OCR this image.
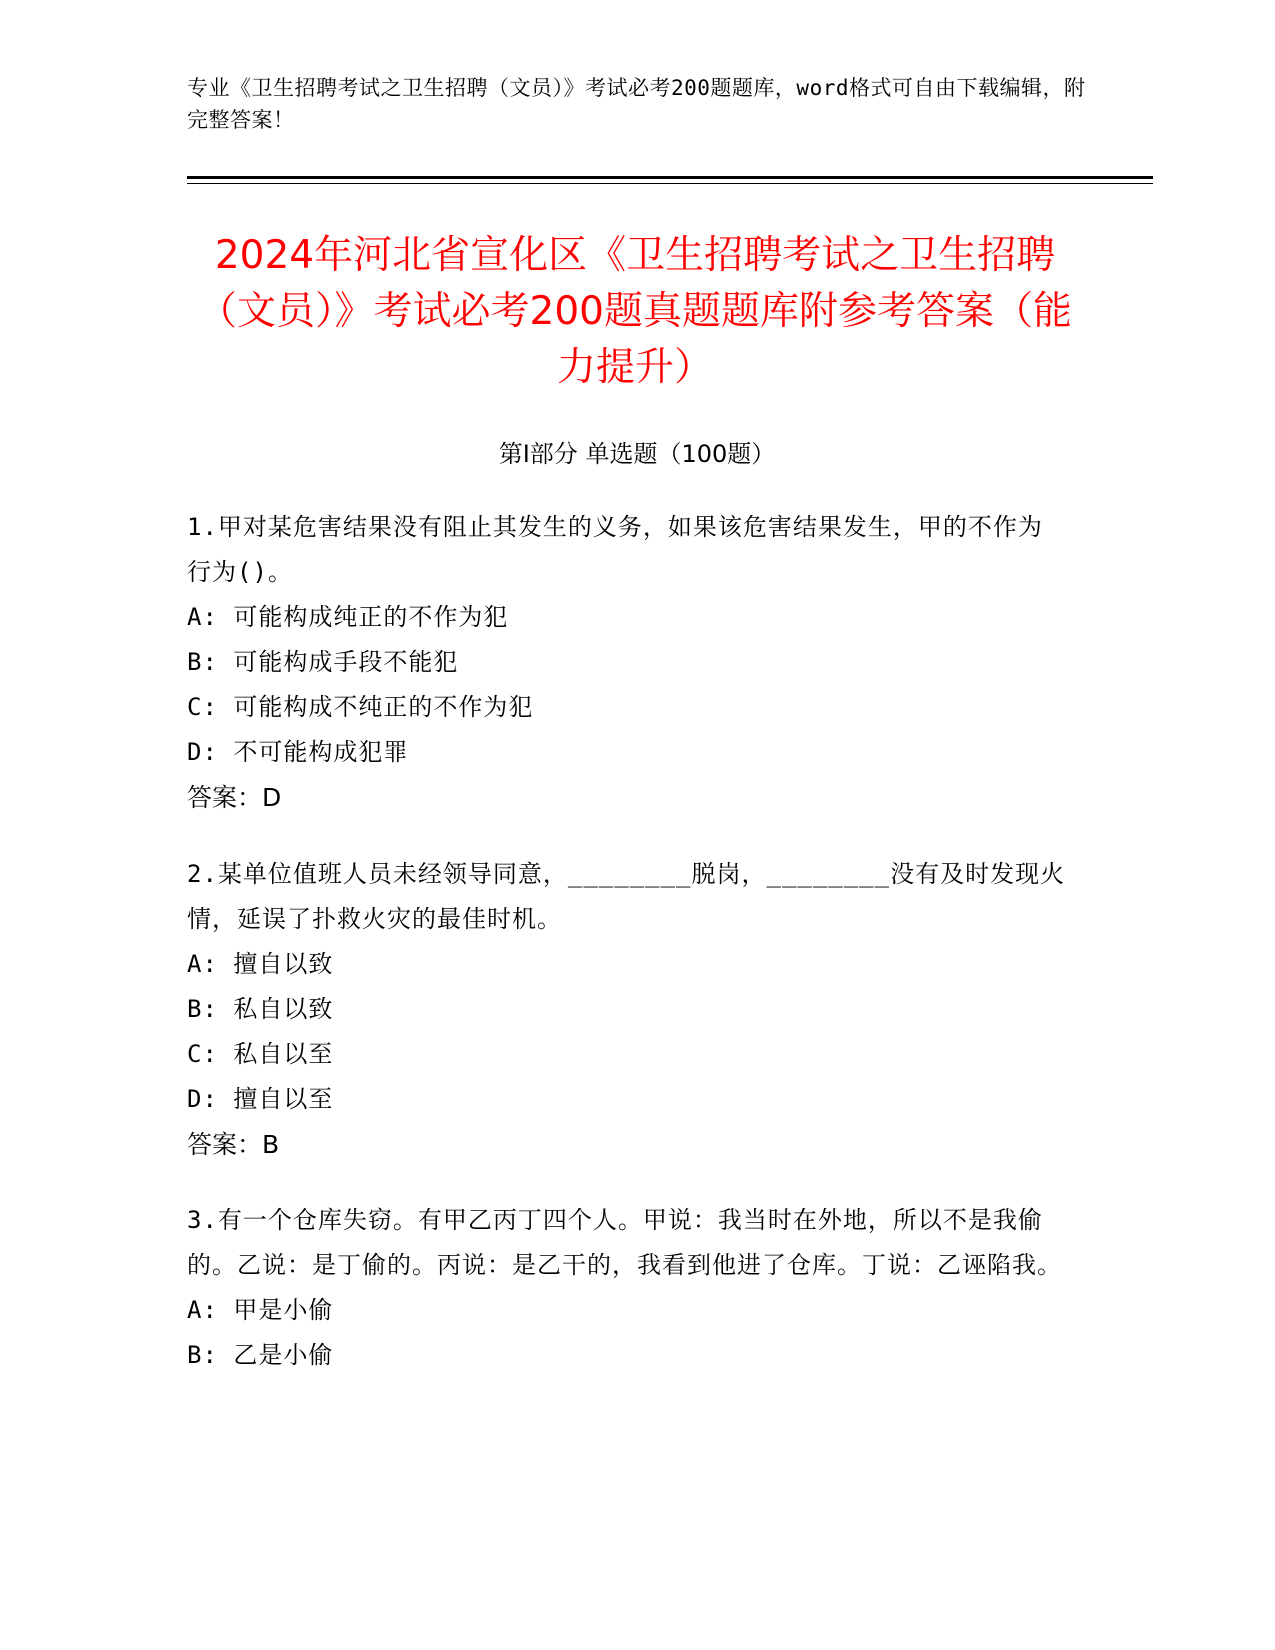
专业《卫生招聘考试之卫生招聘（文员）》考试必考200题题库，word格式可自由下载编辑，附完整答案！
2024年河北省宣化区《卫生招聘考试之卫生招聘（文员）》考试必考200题真题题库附参考答案（能力提升）
第Ⅰ部分 单选题（100题）

1.甲对某危害结果没有阻止其发生的义务，如果该危害结果发生，甲的不作为行为()。

A: 可能构成纯正的不作为犯

B: 可能构成手段不能犯

C: 可能构成不纯正的不作为犯

D: 不可能构成犯罪

答案：D

2.某单位值班人员未经领导同意，________脱岗，________没有及时发现火情，延误了扑救火灾的最佳时机。

A: 擅自以致

B: 私自以致

C: 私自以至

D: 擅自以至

答案：B

3.有一个仓库失窃。有甲乙丙丁四个人。甲说：我当时在外地，所以不是我偷的。乙说：是丁偷的。丙说：是乙干的，我看到他进了仓库。丁说：乙诬陷我。

A: 甲是小偷

B: 乙是小偷
